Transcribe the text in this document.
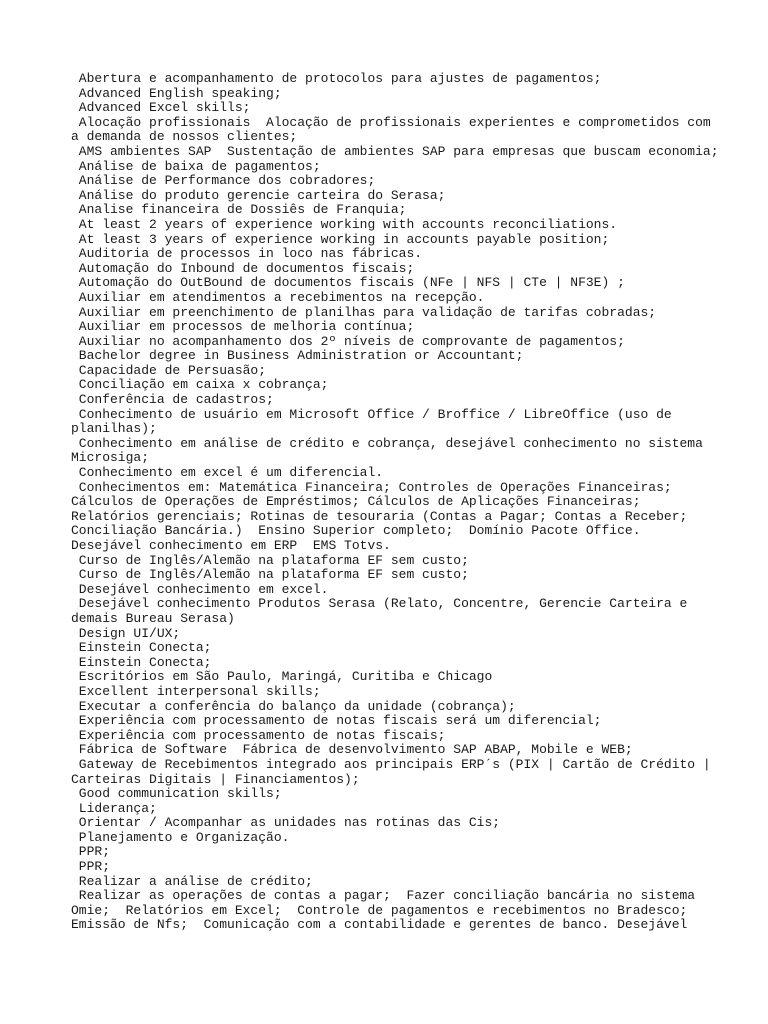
Abertura e acompanhamento de protocolos para ajustes de pagamentos;
Advanced English speaking;
Advanced Excel skills;
Alocação profissionais  Alocação de profissionais experientes e comprometidos com
a demanda de nossos clientes;
AMS ambientes SAP  Sustentação de ambientes SAP para empresas que buscam economia;
Análise de baixa de pagamentos;
Análise de Performance dos cobradores;
Análise do produto gerencie carteira do Serasa;
Analise financeira de Dossiês de Franquia;
At least 2 years of experience working with accounts reconciliations.
At least 3 years of experience working in accounts payable position;
Auditoria de processos in loco nas fábricas.
Automação do Inbound de documentos fiscais;
Automação do OutBound de documentos fiscais (NFe | NFS | CTe | NF3E) ;
Auxiliar em atendimentos a recebimentos na recepção.
Auxiliar em preenchimento de planilhas para validação de tarifas cobradas;
Auxiliar em processos de melhoria contínua;
Auxiliar no acompanhamento dos 2º níveis de comprovante de pagamentos;
Bachelor degree in Business Administration or Accountant;
Capacidade de Persuasão;
Conciliação em caixa x cobrança;
Conferência de cadastros;
Conhecimento de usuário em Microsoft Office / Broffice / LibreOffice (uso de
planilhas);
Conhecimento em análise de crédito e cobrança, desejável conhecimento no sistema
Microsiga;
Conhecimento em excel é um diferencial.
Conhecimentos em: Matemática Financeira; Controles de Operações Financeiras;
Cálculos de Operações de Empréstimos; Cálculos de Aplicações Financeiras;
Relatórios gerenciais; Rotinas de tesouraria (Contas a Pagar; Contas a Receber;
Conciliação Bancária.)  Ensino Superior completo;  Domínio Pacote Office.
Desejável conhecimento em ERP  EMS Totvs.
Curso de Inglês/Alemão na plataforma EF sem custo;
Curso de Inglês/Alemão na plataforma EF sem custo;
Desejável conhecimento em excel.
Desejável conhecimento Produtos Serasa (Relato, Concentre, Gerencie Carteira e
demais Bureau Serasa)
Design UI/UX;
Einstein Conecta;
Einstein Conecta;
Escritórios em São Paulo, Maringá, Curitiba e Chicago
Excellent interpersonal skills;
Executar a conferência do balanço da unidade (cobrança);
Experiência com processamento de notas fiscais será um diferencial;
Experiência com processamento de notas fiscais;
Fábrica de Software  Fábrica de desenvolvimento SAP ABAP, Mobile e WEB;
Gateway de Recebimentos integrado aos principais ERP´s (PIX | Cartão de Crédito |
Carteiras Digitais | Financiamentos);
Good communication skills;
Liderança;
Orientar / Acompanhar as unidades nas rotinas das Cis;
Planejamento e Organização.
PPR;
PPR;
Realizar a análise de crédito;
Realizar as operações de contas a pagar;  Fazer conciliação bancária no sistema
Omie;  Relatórios em Excel;  Controle de pagamentos e recebimentos no Bradesco;
Emissão de Nfs;  Comunicação com a contabilidade e gerentes de banco. Desejável
